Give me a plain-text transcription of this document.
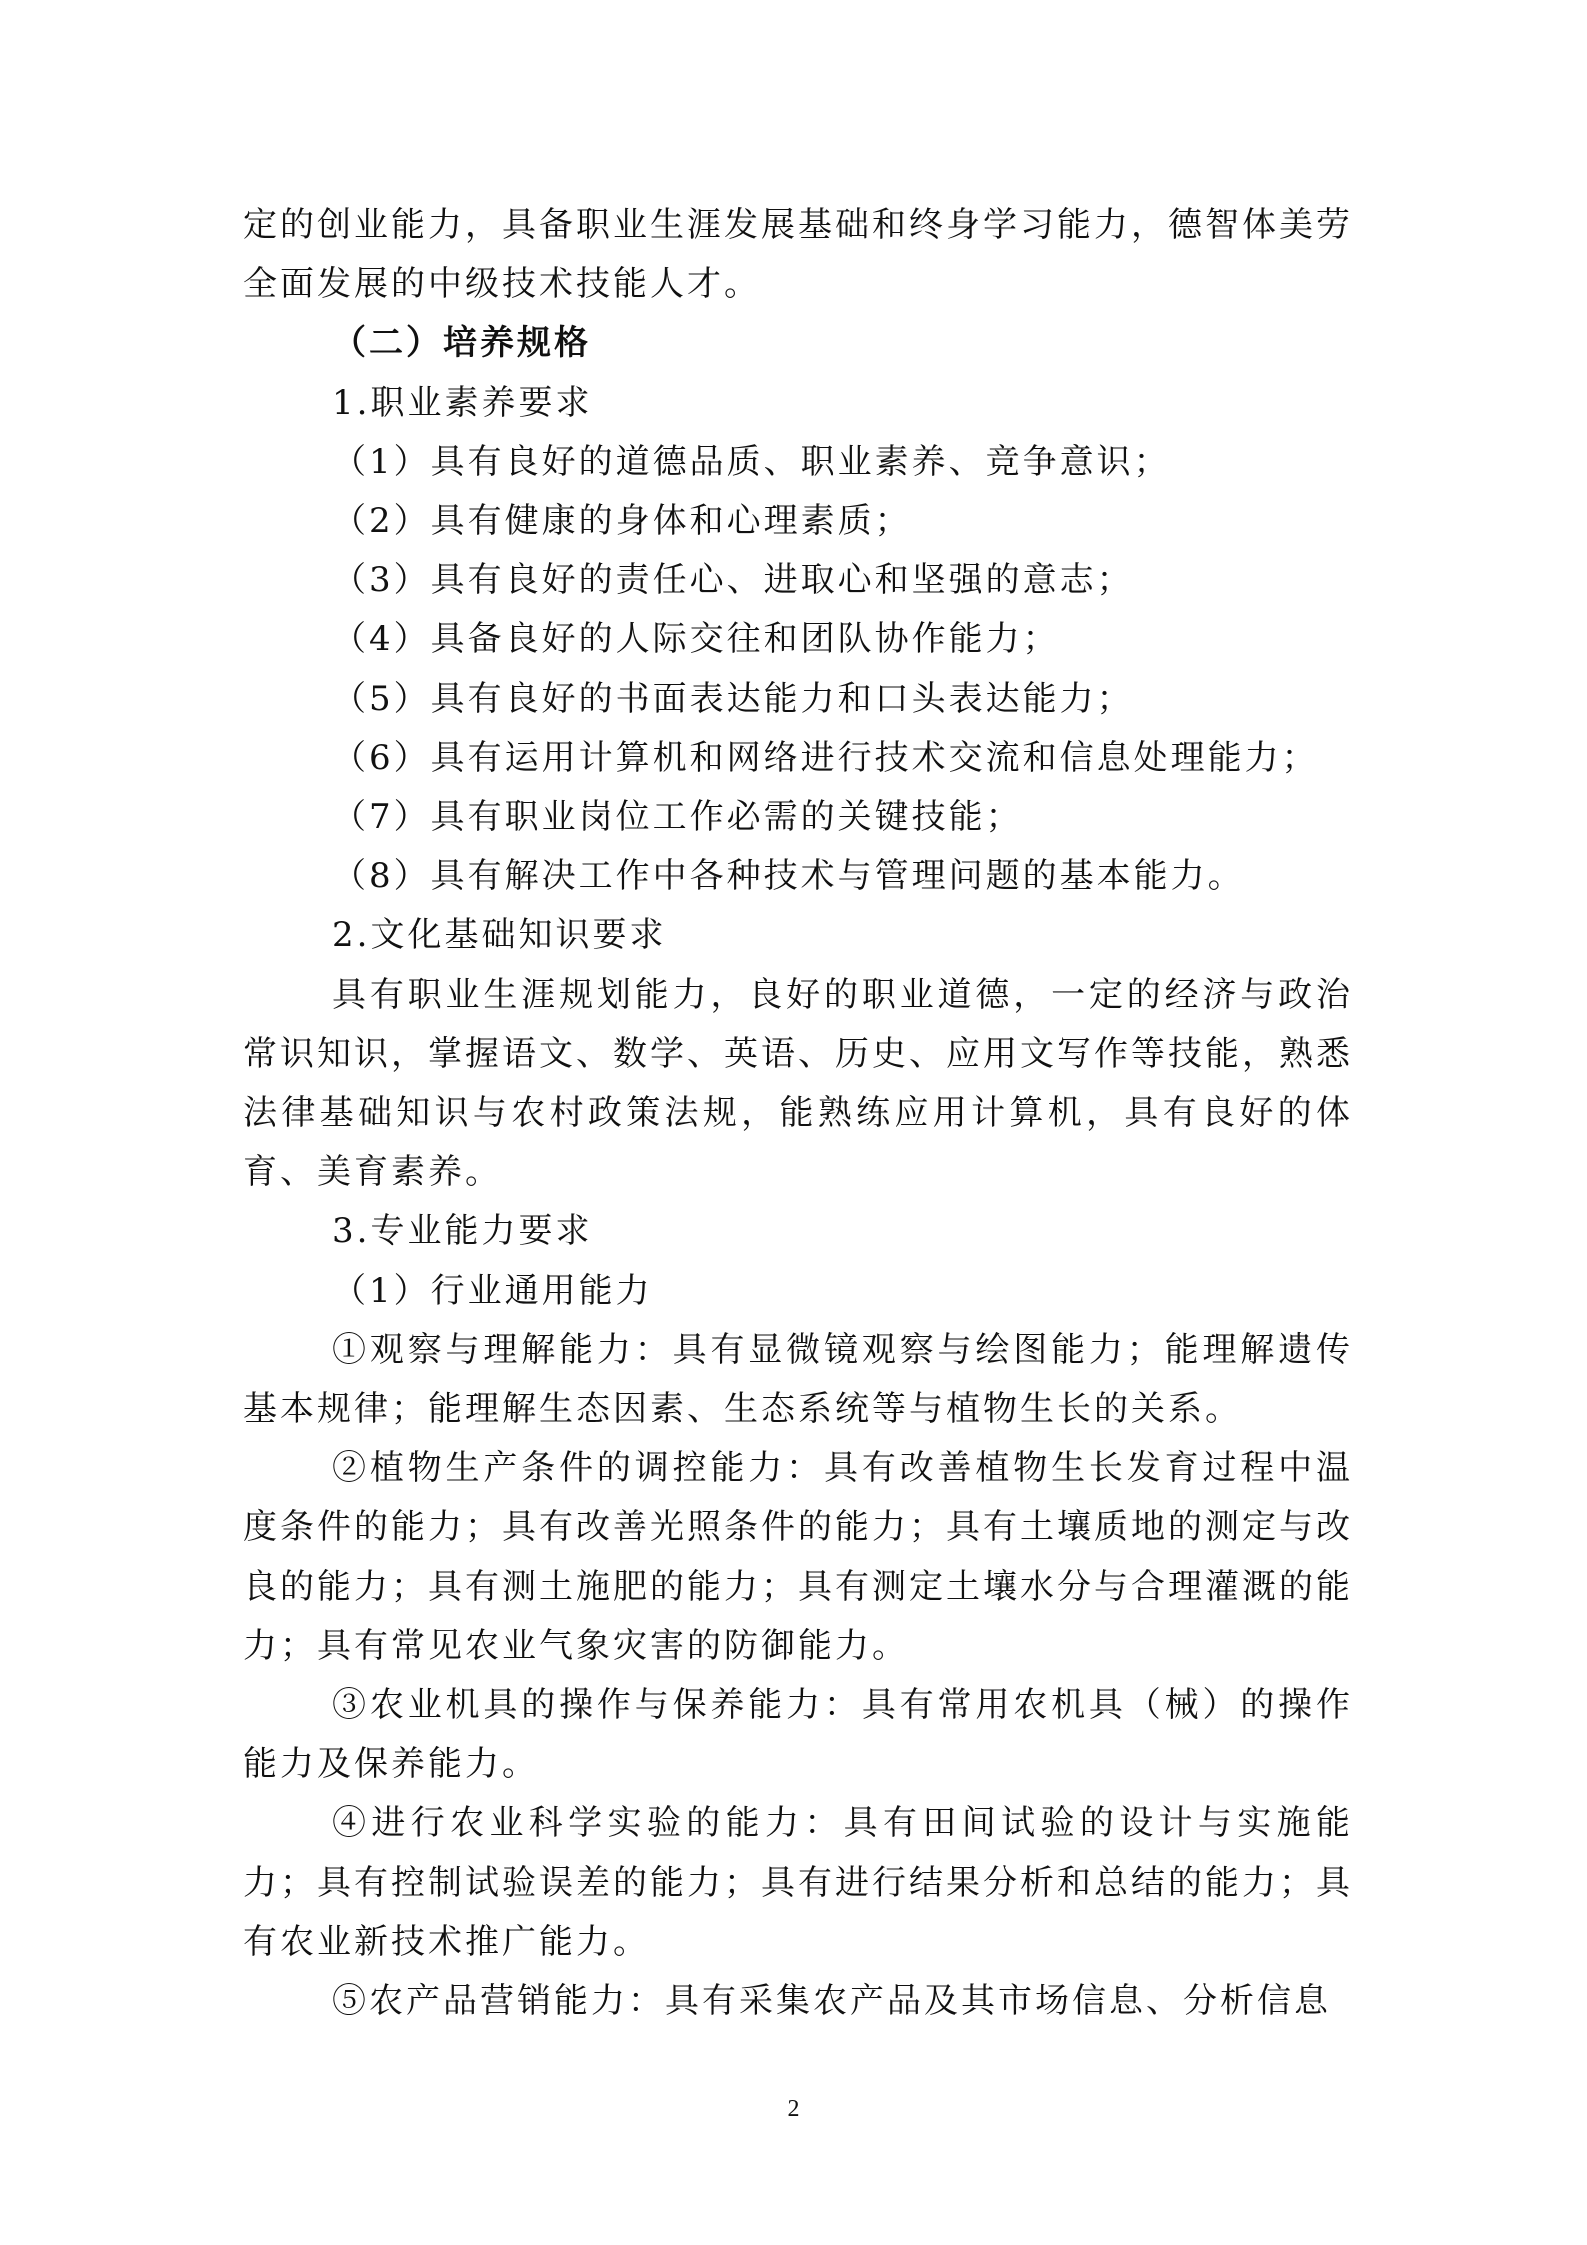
定的创业能力，具备职业生涯发展基础和终身学习能力，德智体美劳全面发展的中级技术技能人才。

（二）培养规格

1.职业素养要求

（1）具有良好的道德品质、职业素养、竞争意识；

（2）具有健康的身体和心理素质；

（3）具有良好的责任心、进取心和坚强的意志；

（4）具备良好的人际交往和团队协作能力；

（5）具有良好的书面表达能力和口头表达能力；

（6）具有运用计算机和网络进行技术交流和信息处理能力；

（7）具有职业岗位工作必需的关键技能；

（8）具有解决工作中各种技术与管理问题的基本能力。

2.文化基础知识要求

具有职业生涯规划能力，良好的职业道德，一定的经济与政治常识知识，掌握语文、数学、英语、历史、应用文写作等技能，熟悉法律基础知识与农村政策法规，能熟练应用计算机，具有良好的体育、美育素养。

3.专业能力要求

（1）行业通用能力

①观察与理解能力：具有显微镜观察与绘图能力；能理解遗传基本规律；能理解生态因素、生态系统等与植物生长的关系。

②植物生产条件的调控能力：具有改善植物生长发育过程中温度条件的能力；具有改善光照条件的能力；具有土壤质地的测定与改良的能力；具有测土施肥的能力；具有测定土壤水分与合理灌溉的能力；具有常见农业气象灾害的防御能力。

③农业机具的操作与保养能力：具有常用农机具（械）的操作能力及保养能力。

④进行农业科学实验的能力：具有田间试验的设计与实施能力；具有控制试验误差的能力；具有进行结果分析和总结的能力；具有农业新技术推广能力。

⑤农产品营销能力：具有采集农产品及其市场信息、分析信息

2
